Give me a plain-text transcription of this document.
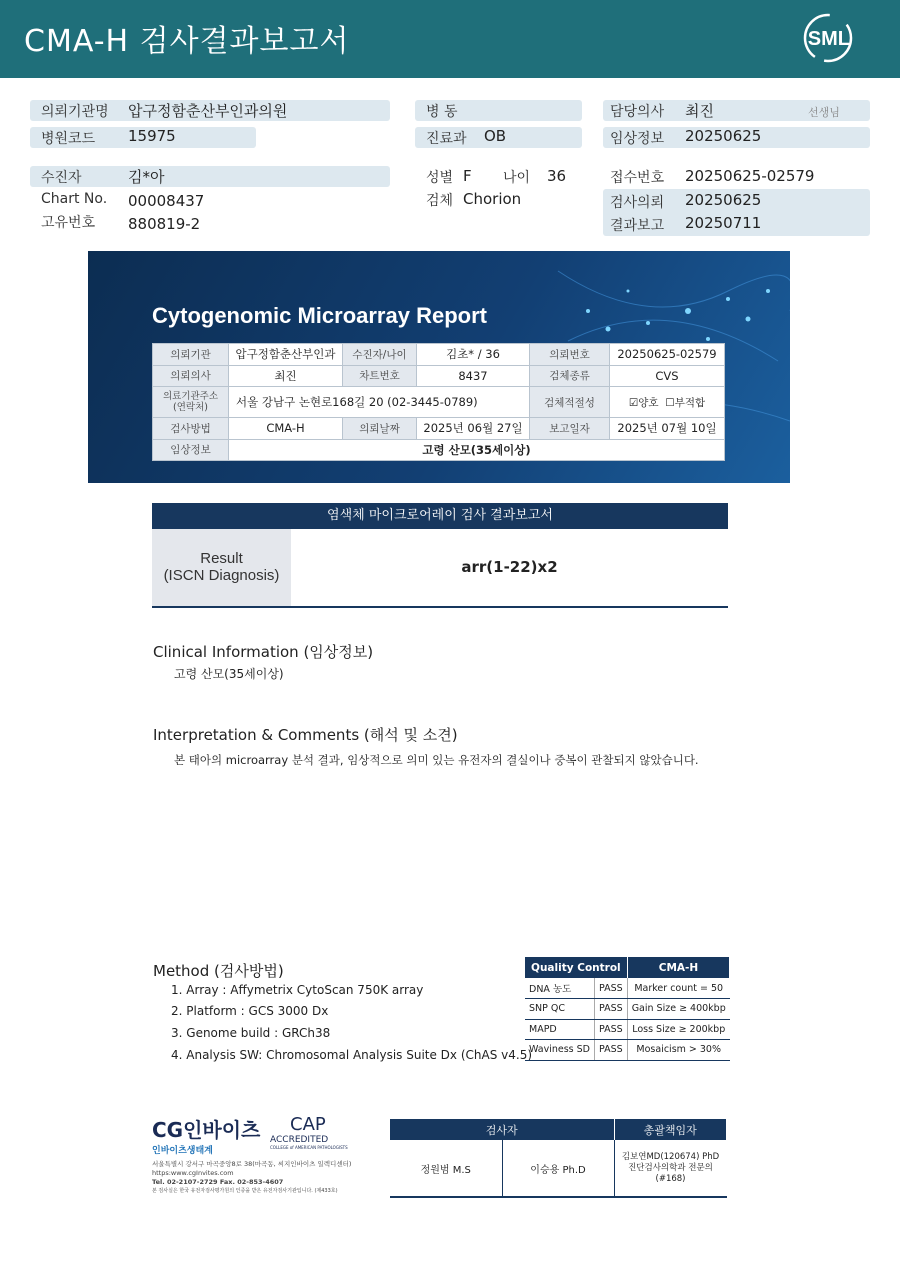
CMA-H 검사결과보고서	SML
의뢰기관명 압구정함춘산부인과의원
병원코드 15975
병 동
진료과 OB
담당의사 최진	선생님
임상정보 20250625
수진자	김*아
Chart No. 00008437
고유번호 880819-2
성별 F 나이 36
검체 Chorion
접수번호 20250625-02579
검사의뢰 20250625
결과보고 20250711
Cytogenomic Microarray Report
의뢰기관	압구정함춘산부인과	수진자/나이	김초* / 36	의뢰번호	20250625-02579
의뢰의사	최진	차트번호	8437	검체종류	CVS
의료기관주소
(연락처)	서울 강남구 논현로168길 20 (02-3445-0789)			검체적절성	☑양호 ☐부적합
검사방법	CMA-H	의뢰날짜	2025년 06월 27일	보고일자	2025년 07월 10일
임상정보	고령 산모(35세이상)				
염색체 마이크로어레이 검사 결과보고서
Result
(ISCN Diagnosis)	arr(1-22)x2
Clinical Information (임상정보)
고령 산모(35세이상)
Interpretation & Comments (해석 및 소견)
본 태아의 microarray 분석 결과, 임상적으로 의미 있는 유전자의 결실이나 중복이 관찰되지 않았습니다.
Method (검사방법)
1. Array : Affymetrix CytoScan 750K array
2. Platform : GCS 3000 Dx
3. Genome build : GRCh38
4. Analysis SW: Chromosomal Analysis Suite Dx (ChAS v4.5)
Quality Control		CMA-H
DNA 농도	PASS	Marker count = 50
SNP QC	PASS	Gain Size ≥ 400kbp
MAPD	PASS	Loss Size ≥ 200kbp
Waviness SD	PASS	Mosaicism > 30%
CG인바이츠
인바이츠생태계
CAP
ACCREDITED
COLLEGE of AMERICAN PATHOLOGISTS
서울특별시 강서구 마곡중앙8로 38(마곡동, 씨지인바이츠 일렉디센터)
https:www.cgInvites.com
Tel. 02-2107-2729 Fax. 02-853-4607
본 검사실은 한국 유전자검사평가원의 인증을 받은 유전자검사기관입니다. (제433호)
검사자		총괄책임자
정원범 M.S	이승용 Ph.D	김보연MD(120674) PhD
진단검사의학과 전문의(#168)
